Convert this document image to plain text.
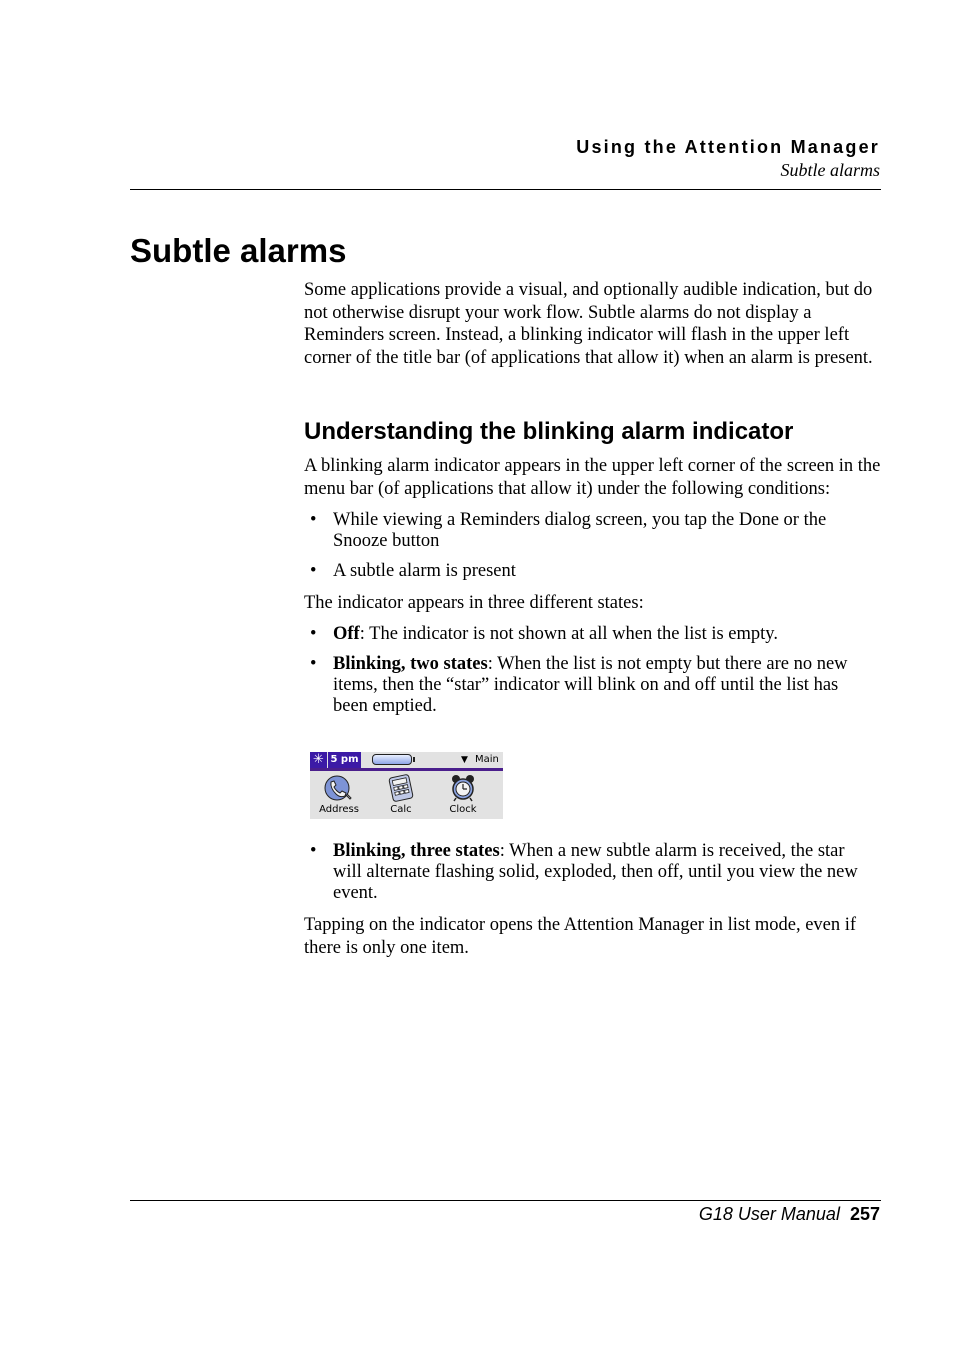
Using the Attention Manager
Subtle alarms
Subtle alarms

Some applications provide a visual, and optionally audible indication, but do not otherwise disrupt your work flow. Subtle alarms do not display a Reminders screen. Instead, a blinking indicator will flash in the upper left corner of the title bar (of applications that allow it) when an alarm is present.

Understanding the blinking alarm indicator

A blinking alarm indicator appears in the upper left corner of the screen in the menu bar (of applications that allow it) under the following conditions:

• While viewing a Reminders dialog screen, you tap the Done or the Snooze button
• A subtle alarm is present

The indicator appears in three different states:

• Off: The indicator is not shown at all when the list is empty.
• Blinking, two states: When the list is not empty but there are no new items, then the “star” indicator will blink on and off until the list has been emptied.
✳ 5 pm	▼ Main
Address	Calc	Clock
• Blinking, three states: When a new subtle alarm is received, the star will alternate flashing solid, exploded, then off, until you view the new event.

Tapping on the indicator opens the Attention Manager in list mode, even if there is only one item.

G18 User Manual 257
